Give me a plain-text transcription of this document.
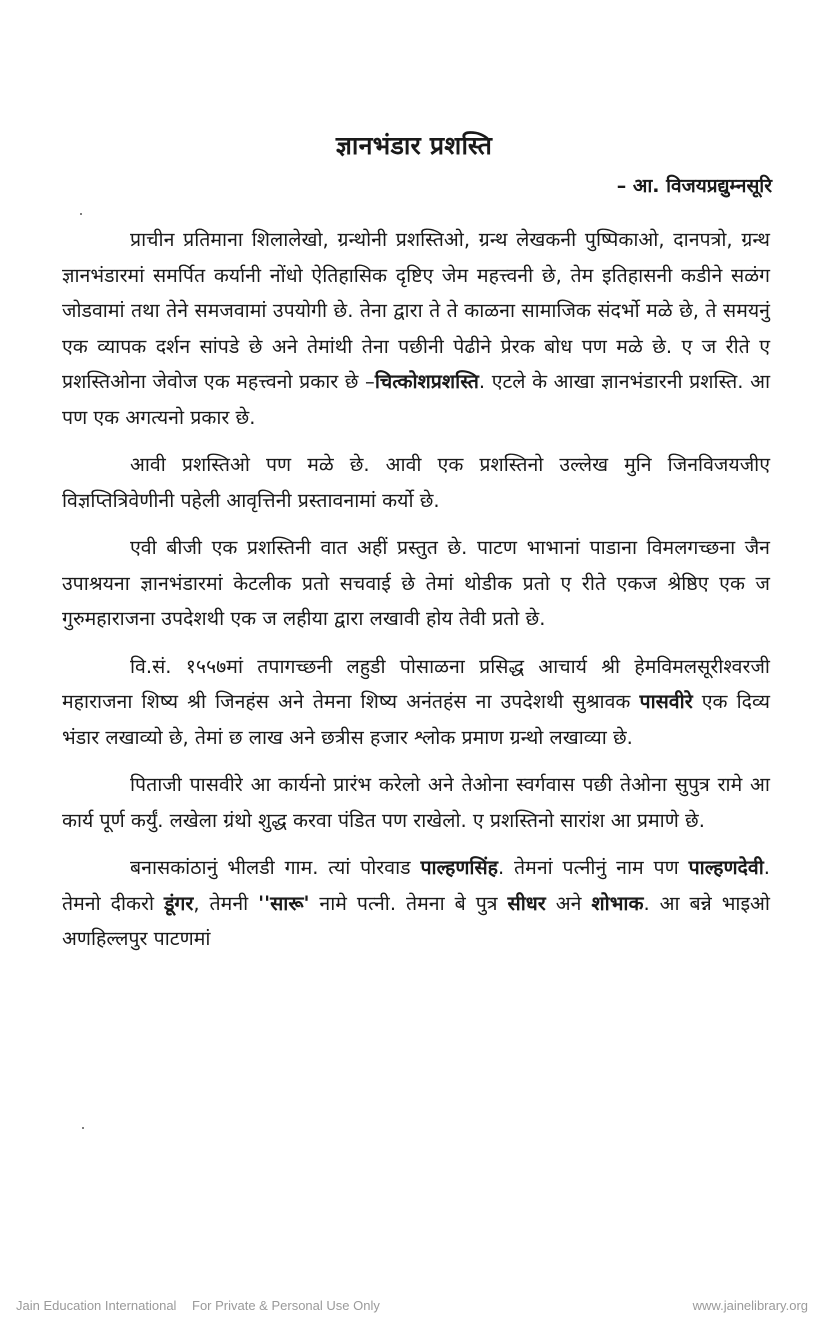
ज्ञानभंडार प्रशस्ति
– आ. विजयप्रद्युम्नसूरि

प्राचीन प्रतिमाना शिलालेखो, ग्रन्थोनी प्रशस्तिओ, ग्रन्थ लेखकनी पुष्पिकाओ, दानपत्रो, ग्रन्थ ज्ञानभंडारमां समर्पित कर्यानी नोंधो ऐतिहासिक दृष्टिए जेम महत्त्वनी छे, तेम इतिहासनी कडीने सळंग जोडवामां तथा तेने समजवामां उपयोगी छे. तेना द्वारा ते ते काळना सामाजिक संदर्भो मळे छे, ते समयनुं एक व्यापक दर्शन सांपडे छे अने तेमांथी तेना पछीनी पेढीने प्रेरक बोध पण मळे छे. ए ज रीते ए प्रशस्तिओना जेवोज एक महत्त्वनो प्रकार छे –चित्कोशप्रशस्ति. एटले के आखा ज्ञानभंडारनी प्रशस्ति. आ पण एक अगत्यनो प्रकार छे.

आवी प्रशस्तिओ पण मळे छे. आवी एक प्रशस्तिनो उल्लेख मुनि जिनविजयजीए विज्ञप्तित्रिवेणीनी पहेली आवृत्तिनी प्रस्तावनामां कर्यो छे.

एवी बीजी एक प्रशस्तिनी वात अहीं प्रस्तुत छे. पाटण भाभानां पाडाना विमलगच्छना जैन उपाश्रयना ज्ञानभंडारमां केटलीक प्रतो सचवाई छे तेमां थोडीक प्रतो ए रीते एकज श्रेष्ठिए एक ज गुरुमहाराजना उपदेशथी एक ज लहीया द्वारा लखावी होय तेवी प्रतो छे.

वि.सं. १५५७मां तपागच्छनी लहुडी पोसाळना प्रसिद्ध आचार्य श्री हेमविमलसूरीश्वरजी महाराजना शिष्य श्री जिनहंस अने तेमना शिष्य अनंतहंस ना उपदेशथी सुश्रावक पासवीरे एक दिव्य भंडार लखाव्यो छे, तेमां छ लाख अने छत्रीस हजार श्लोक प्रमाण ग्रन्थो लखाव्या छे.

पिताजी पासवीरे आ कार्यनो प्रारंभ करेलो अने तेओना स्वर्गवास पछी तेओना सुपुत्र रामे आ कार्य पूर्ण कर्युं. लखेला ग्रंथो शुद्ध करवा पंडित पण राखेलो. ए प्रशस्तिनो सारांश आ प्रमाणे छे.

बनासकांठानुं भीलडी गाम. त्यां पोरवाड पाल्हणसिंह. तेमनां पत्नीनुं नाम पण पाल्हणदेवी. तेमनो दीकरो डूंगर, तेमनी ''सारू' नामे पत्नी. तेमना बे पुत्र सीधर अने शोभाक. आ बन्ने भाइओ अणहिल्लपुर पाटणमां

Jain Education International For Private & Personal Use Only	www.jainelibrary.org
